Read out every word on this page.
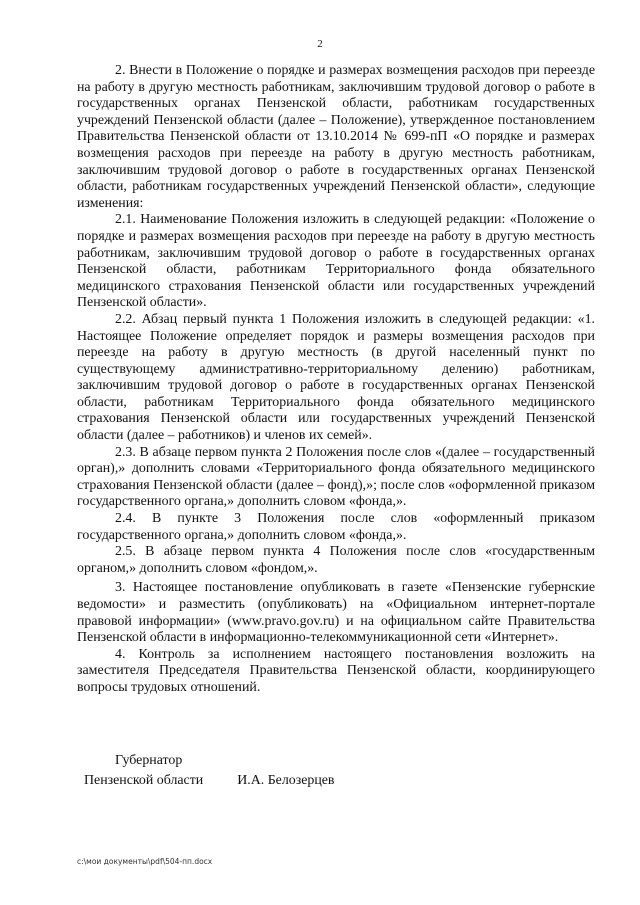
2

2. Внести в Положение о порядке и размерах возмещения расходов при переезде на работу в другую местность работникам, заключившим трудовой договор о работе в государственных органах Пензенской области, работникам государственных учреждений Пензенской области (далее – Положение), утвержденное постановлением Правительства Пензенской области от 13.10.2014 № 699-пП «О порядке и размерах возмещения расходов при переезде на работу в другую местность работникам, заключившим трудовой договор о работе в государственных органах Пензенской области, работникам государственных учреждений Пензенской области», следующие изменения:

2.1. Наименование Положения изложить в следующей редакции: «Положение о порядке и размерах возмещения расходов при переезде на работу в другую местность работникам, заключившим трудовой договор о работе в государственных органах Пензенской области, работникам Территориального фонда обязательного медицинского страхования Пензенской области или государственных учреждений Пензенской области».

2.2. Абзац первый пункта 1 Положения изложить в следующей редакции: «1. Настоящее Положение определяет порядок и размеры возмещения расходов при переезде на работу в другую местность (в другой населенный пункт по существующему административно-территориальному делению) работникам, заключившим трудовой договор о работе в государственных органах Пензенской области, работникам Территориального фонда обязательного медицинского страхования Пензенской области или государственных учреждений Пензенской области (далее – работников) и членов их семей».

2.3. В абзаце первом пункта 2 Положения после слов «(далее – государственный орган),» дополнить словами «Территориального фонда обязательного медицинского страхования Пензенской области (далее – фонд),»; после слов «оформленной приказом государственного органа,» дополнить словом «фонда,».

2.4. В пункте 3 Положения после слов «оформленный приказом государственного органа,» дополнить словом «фонда,».

2.5. В абзаце первом пункта 4 Положения после слов «государственным органом,» дополнить словом «фондом,».

3. Настоящее постановление опубликовать в газете «Пензенские губернские ведомости» и разместить (опубликовать) на «Официальном интернет-портале правовой информации» (www.pravo.gov.ru) и на официальном сайте Правительства Пензенской области в информационно-телекоммуникационной сети «Интернет».

4. Контроль за исполнением настоящего постановления возложить на заместителя Председателя Правительства Пензенской области, координирующего вопросы трудовых отношений.

Губернатор
Пензенской области И.А. Белозерцев
c:\мои документы\pdf\504-пп.docx
